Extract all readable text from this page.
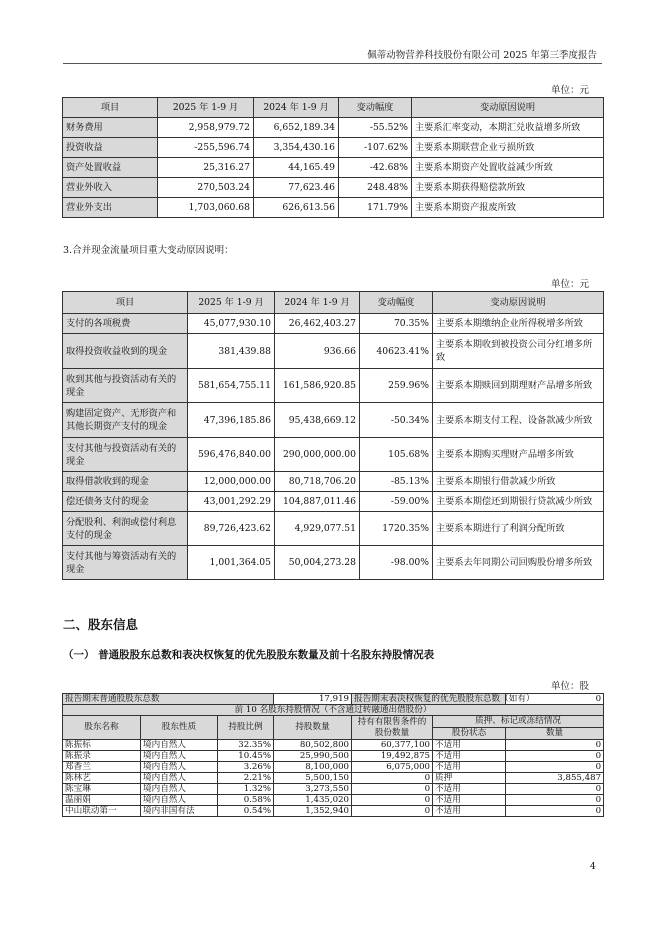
佩蒂动物营养科技股份有限公司 2025 年第三季度报告
单位：元
项目	2025 年 1-9 月	2024 年 1-9 月	变动幅度	变动原因说明
财务费用	2,958,979.72	6,652,189.34	-55.52%	主要系汇率变动，本期汇兑收益增多所致
投资收益	-255,596.74	3,354,430.16	-107.62%	主要系本期联营企业亏损所致
资产处置收益	25,316.27	44,165.49	-42.68%	主要系本期资产处置收益减少所致
营业外收入	270,503.24	77,623.46	248.48%	主要系本期获得赔偿款所致
营业外支出	1,703,060.68	626,613.56	171.79%	主要系本期资产报废所致
3.合并现金流量项目重大变动原因说明：
单位：元
项目	2025 年 1-9 月	2024 年 1-9 月	变动幅度	变动原因说明
支付的各项税费	45,077,930.10	26,462,403.27	70.35%	主要系本期缴纳企业所得税增多所致
取得投资收益收到的现金	381,439.88	936.66	40623.41%	主要系本期收到被投资公司分红增多所致
收到其他与投资活动有关的现金	581,654,755.11	161,586,920.85	259.96%	主要系本期赎回到期理财产品增多所致
购建固定资产、无形资产和其他长期资产支付的现金	47,396,185.86	95,438,669.12	-50.34%	主要系本期支付工程、设备款减少所致
支付其他与投资活动有关的现金	596,476,840.00	290,000,000.00	105.68%	主要系本期购买理财产品增多所致
取得借款收到的现金	12,000,000.00	80,718,706.20	-85.13%	主要系本期银行借款减少所致
偿还债务支付的现金	43,001,292.29	104,887,011.46	-59.00%	主要系本期偿还到期银行贷款减少所致
分配股利、利润或偿付利息支付的现金	89,726,423.62	4,929,077.51	1720.35%	主要系本期进行了利润分配所致
支付其他与筹资活动有关的现金	1,001,364.05	50,004,273.28	-98.00%	主要系去年同期公司回购股份增多所致
二、股东信息
（一） 普通股股东总数和表决权恢复的优先股股东数量及前十名股东持股情况表
单位：股
报告期末普通股股东总数			17,919	报告期末表决权恢复的优先股股东总数（如有）		0
前 10 名股东持股情况（不含通过转融通出借股份）						
股东名称	股东性质	持股比例	持股数量	持有有限售条件的股份数量	质押、标记或冻结情况	
					股份状态	数量
陈振标	境内自然人	32.35%	80,502,800	60,377,100	不适用	0
陈振录	境内自然人	10.45%	25,990,500	19,492,875	不适用	0
郑香兰	境内自然人	3.26%	8,100,000	6,075,000	不适用	0
陈林艺	境内自然人	2.21%	5,500,150	0	质押	3,855,487
陈宝琳	境内自然人	1.32%	3,273,550	0	不适用	0
温丽娟	境内自然人	0.58%	1,435,020	0	不适用	0
中山联动第一	境内非国有法	0.54%	1,352,940	0	不适用	0
4
